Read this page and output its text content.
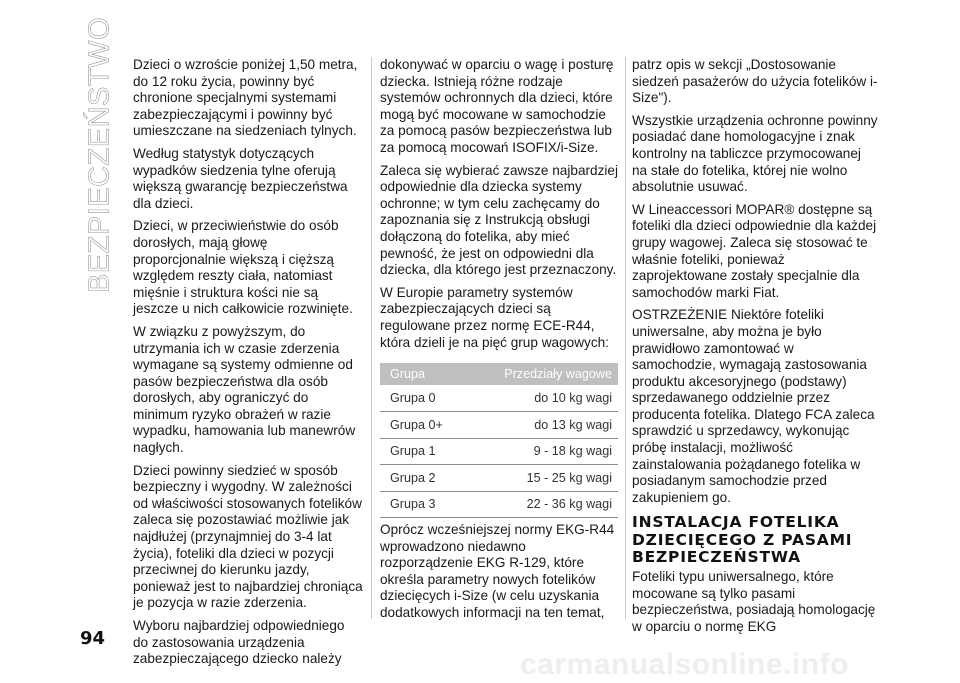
BEZPIECZEŃSTWO Dzieci o wzroście poniżej 1,50 metra, do 12 roku życia, powinny być chronione specjalnymi systemami zabezpieczającymi i powinny być umieszczane na siedzeniach tylnych.

Według statystyk dotyczących wypadków siedzenia tylne oferują większą gwarancję bezpieczeństwa dla dzieci.

Dzieci, w przeciwieństwie do osób dorosłych, mają głowę proporcjonalnie większą i cięższą względem reszty ciała, natomiast mięśnie i struktura kości nie są jeszcze u nich całkowicie rozwinięte.

W związku z powyższym, do utrzymania ich w czasie zderzenia wymagane są systemy odmienne od pasów bezpieczeństwa dla osób dorosłych, aby ograniczyć do minimum ryzyko obrażeń w razie wypadku, hamowania lub manewrów nagłych.

Dzieci powinny siedzieć w sposób bezpieczny i wygodny. W zależności od właściwości stosowanych fotelików zaleca się pozostawiać możliwie jak najdłużej (przynajmniej do 3-4 lat życia), foteliki dla dzieci w pozycji przeciwnej do kierunku jazdy, ponieważ jest to najbardziej chroniąca je pozycja w razie zderzenia.

Wyboru najbardziej odpowiedniego do zastosowania urządzenia zabezpieczającego dziecko należy

dokonywać w oparciu o wagę i posturę dziecka. Istnieją różne rodzaje systemów ochronnych dla dzieci, które mogą być mocowane w samochodzie za pomocą pasów bezpieczeństwa lub za pomocą mocowań ISOFIX/i-Size.

Zaleca się wybierać zawsze najbardziej odpowiednie dla dziecka systemy ochronne; w tym celu zachęcamy do zapoznania się z Instrukcją obsługi dołączoną do fotelika, aby mieć pewność, że jest on odpowiedni dla dziecka, dla którego jest przeznaczony.

W Europie parametry systemów zabezpieczających dzieci są regulowane przez normę ECE-R44, która dzieli je na pięć grup wagowych:

Grupa	Przedziały wagowe
Grupa 0	do 10 kg wagi
Grupa 0+	do 13 kg wagi
Grupa 1	9 - 18 kg wagi
Grupa 2	15 - 25 kg wagi
Grupa 3	22 - 36 kg wagi

Oprócz wcześniejszej normy EKG-R44 wprowadzono niedawno rozporządzenie EKG R-129, które określa parametry nowych fotelików dziecięcych i-Size (w celu uzyskania dodatkowych informacji na ten temat,

patrz opis w sekcji „Dostosowanie siedzeń pasażerów do użycia fotelików i-Size").

Wszystkie urządzenia ochronne powinny posiadać dane homologacyjne i znak kontrolny na tabliczce przymocowanej na stałe do fotelika, której nie wolno absolutnie usuwać.

W Lineaccessori MOPAR® dostępne są foteliki dla dzieci odpowiednie dla każdej grupy wagowej. Zaleca się stosować te właśnie foteliki, ponieważ zaprojektowane zostały specjalnie dla samochodów marki Fiat.

OSTRZEŻENIE Niektóre foteliki uniwersalne, aby można je było prawidłowo zamontować w samochodzie, wymagają zastosowania produktu akcesoryjnego (podstawy) sprzedawanego oddzielnie przez producenta fotelika. Dlatego FCA zaleca sprawdzić u sprzedawcy, wykonując próbę instalacji, możliwość zainstalowania pożądanego fotelika w posiadanym samochodzie przed zakupieniem go.

INSTALACJA FOTELIKA DZIECIĘCEGO Z PASAMI BEZPIECZEŃSTWA

Foteliki typu uniwersalnego, które mocowane są tylko pasami bezpieczeństwa, posiadają homologację w oparciu o normę EKG

94
carmanualsonline.info
